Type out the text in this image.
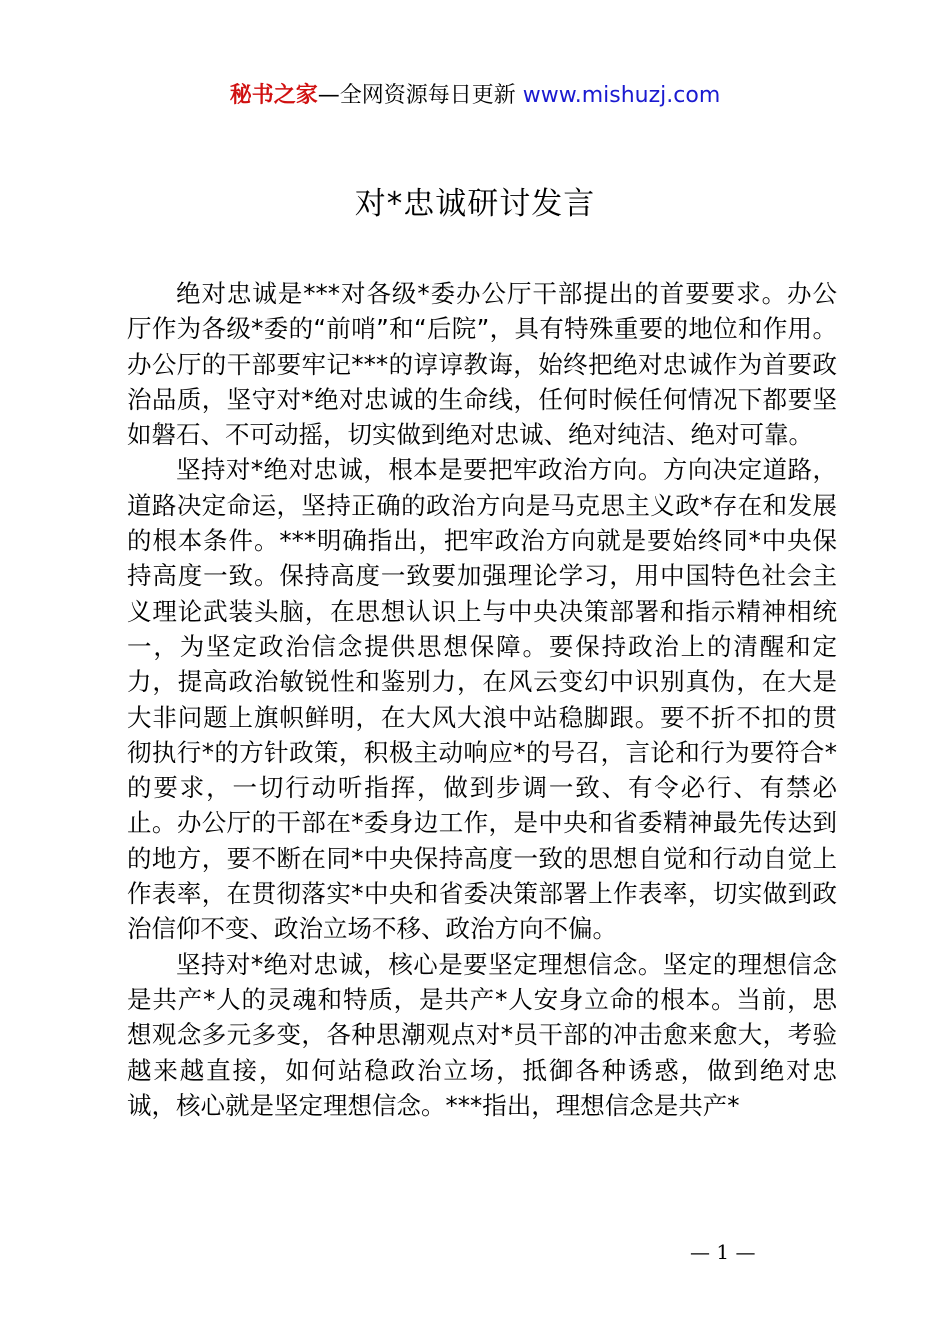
秘书之家—全网资源每日更新 www.mishuzj.com
对*忠诚研讨发言

绝对忠诚是***对各级*委办公厅干部提出的首要要求。办公厅作为各级*委的“前哨”和“后院”，具有特殊重要的地位和作用。办公厅的干部要牢记***的谆谆教诲，始终把绝对忠诚作为首要政治品质，坚守对*绝对忠诚的生命线，任何时候任何情况下都要坚如磐石、不可动摇，切实做到绝对忠诚、绝对纯洁、绝对可靠。

坚持对*绝对忠诚，根本是要把牢政治方向。方向决定道路，道路决定命运，坚持正确的政治方向是马克思主义政*存在和发展的根本条件。***明确指出，把牢政治方向就是要始终同*中央保持高度一致。保持高度一致要加强理论学习，用中国特色社会主义理论武装头脑，在思想认识上与中央决策部署和指示精神相统一，为坚定政治信念提供思想保障。要保持政治上的清醒和定力，提高政治敏锐性和鉴别力，在风云变幻中识别真伪，在大是大非问题上旗帜鲜明，在大风大浪中站稳脚跟。要不折不扣的贯彻执行*的方针政策，积极主动响应*的号召，言论和行为要符合*的要求，一切行动听指挥，做到步调一致、有令必行、有禁必止。办公厅的干部在*委身边工作，是中央和省委精神最先传达到的地方，要不断在同*中央保持高度一致的思想自觉和行动自觉上作表率，在贯彻落实*中央和省委决策部署上作表率，切实做到政治信仰不变、政治立场不移、政治方向不偏。

坚持对*绝对忠诚，核心是要坚定理想信念。坚定的理想信念是共产*人的灵魂和特质，是共产*人安身立命的根本。当前，思想观念多元多变，各种思潮观点对*员干部的冲击愈来愈大，考验越来越直接，如何站稳政治立场，抵御各种诱惑，做到绝对忠诚，核心就是坚定理想信念。***指出，理想信念是共产*

— 1 —
